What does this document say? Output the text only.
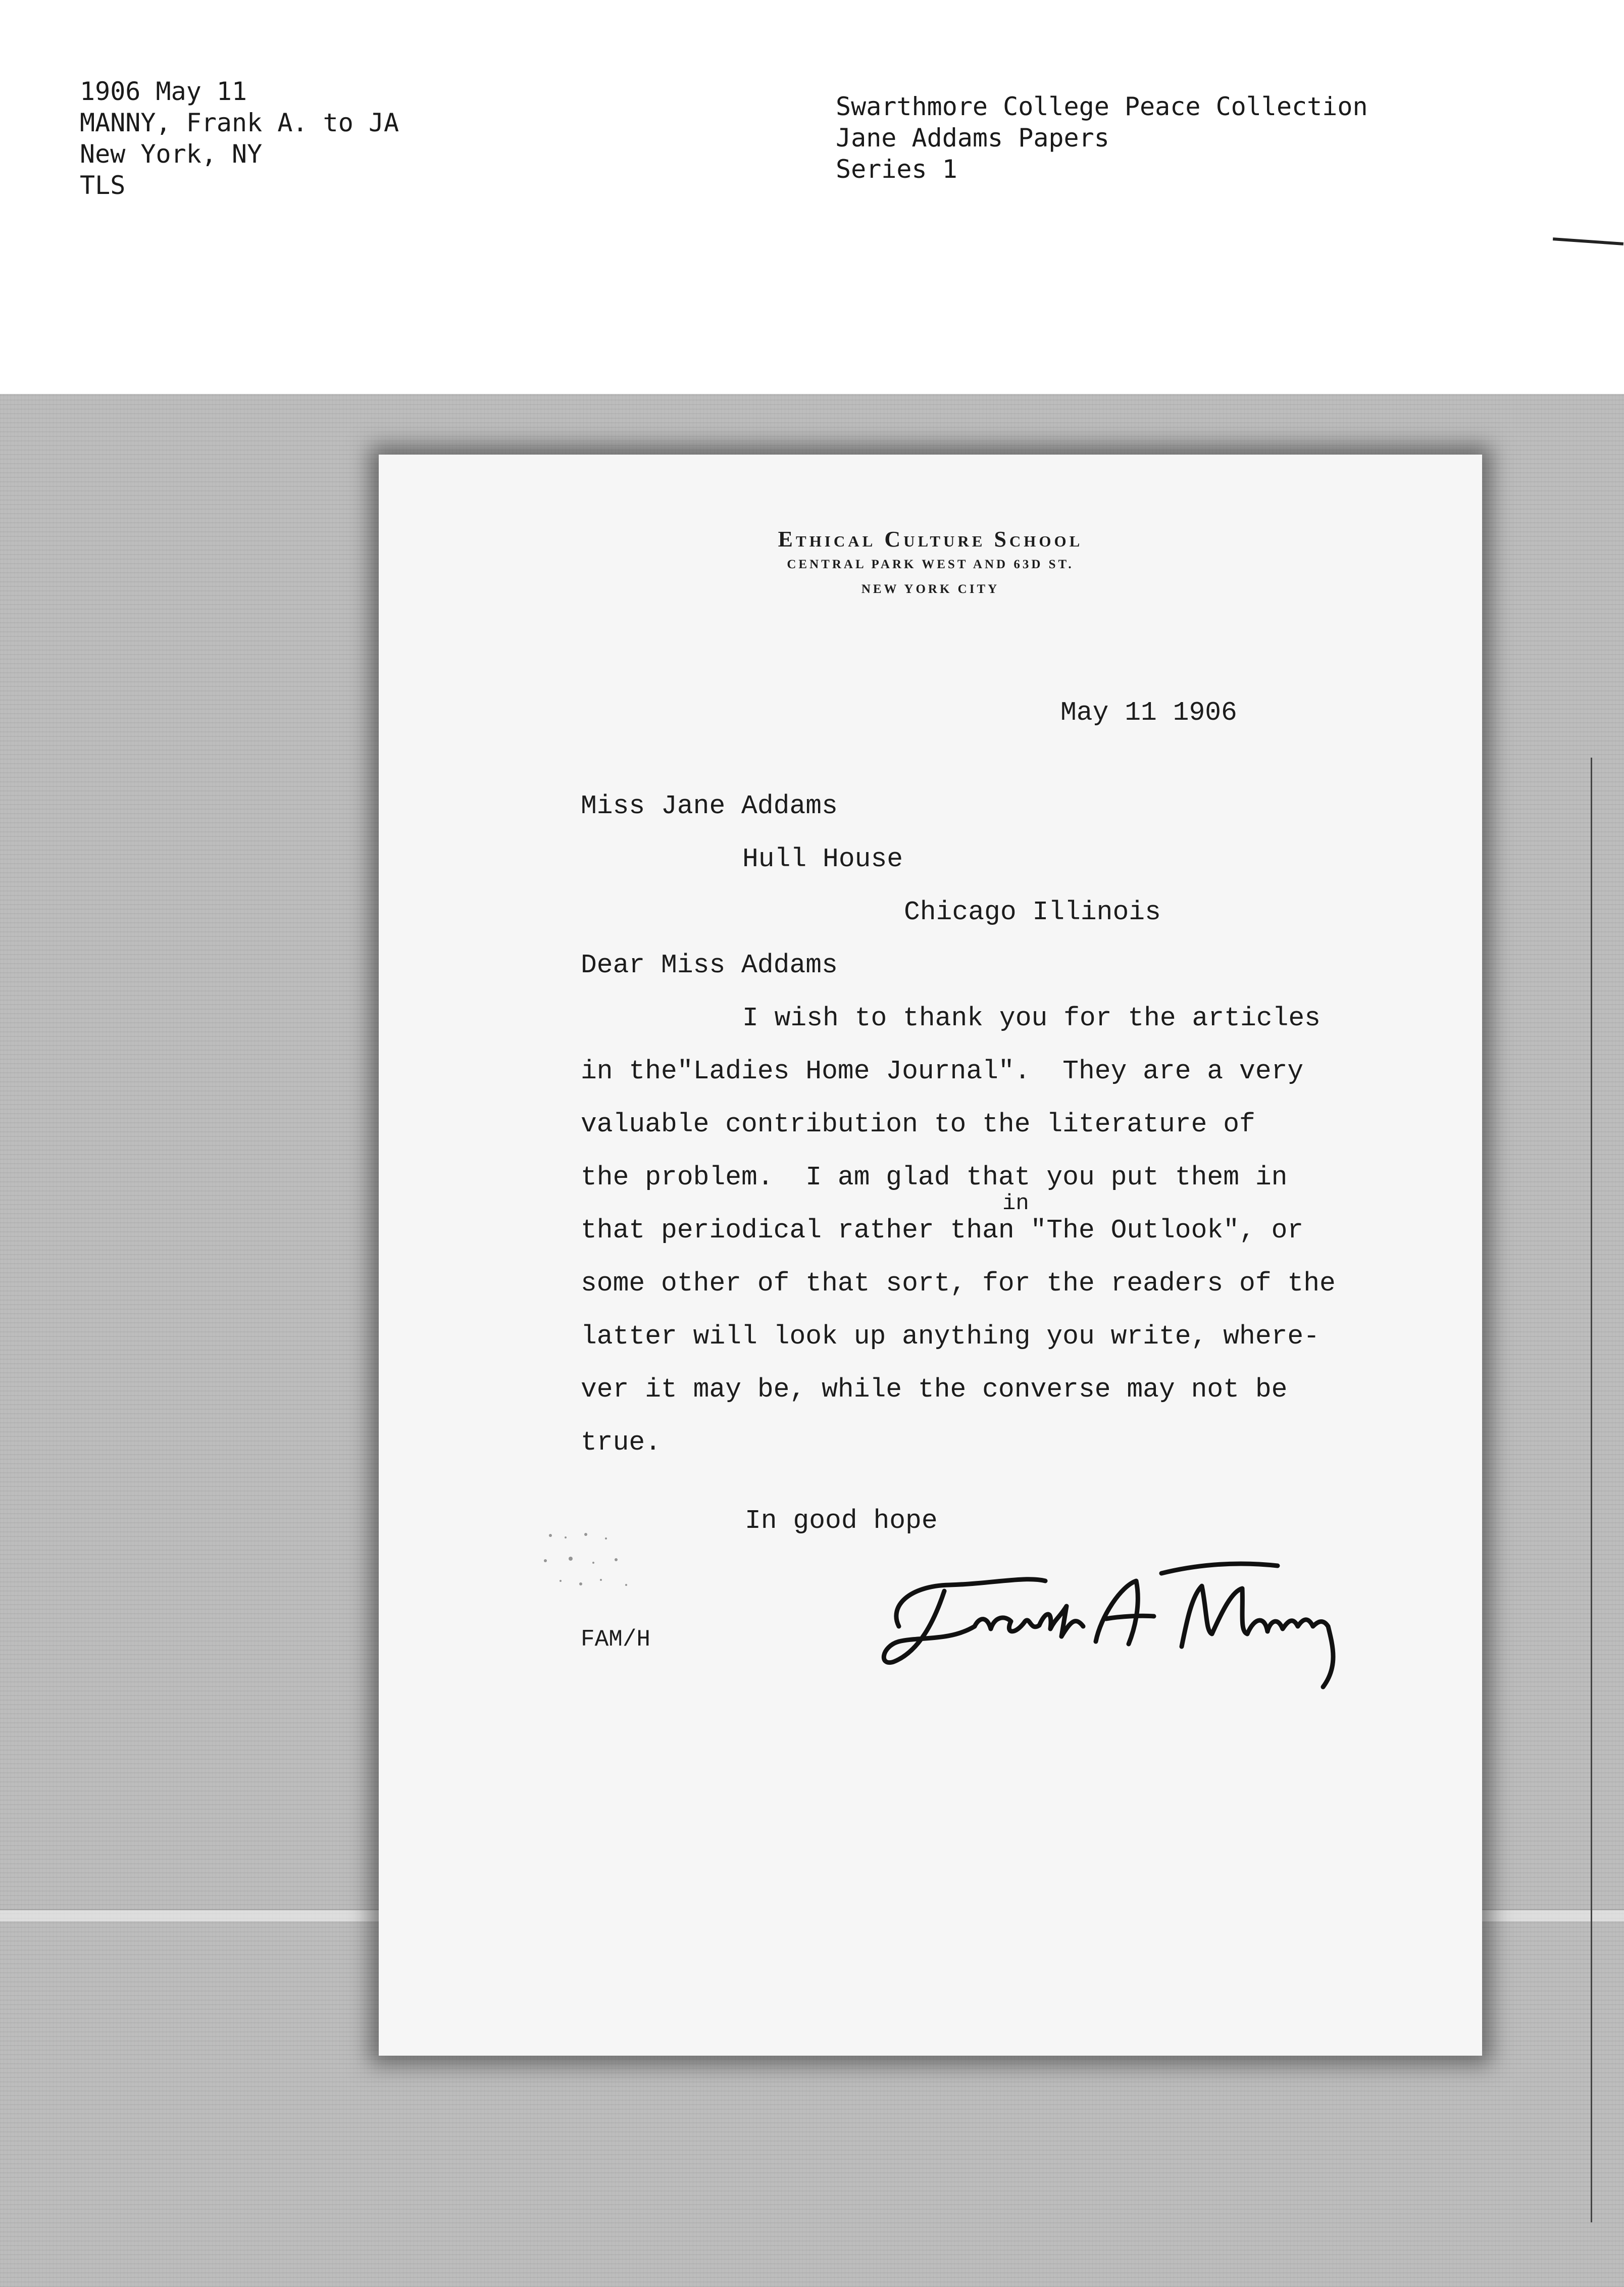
1906 May 11
MANNY, Frank A. to JA
New York, NY
TLS
Swarthmore College Peace Collection
Jane Addams Papers
Series 1
Ethical Culture School
CENTRAL PARK WEST AND 63D ST.
NEW YORK CITY
May 11 1906
Miss Jane Addams
Hull House
Chicago Illinois
Dear Miss Addams
I wish to thank you for the articles
in the"Ladies Home Journal".  They are a very
valuable contribution to the literature of
the problem.  I am glad that you put them in
in
that periodical rather than "The Outlook", or
some other of that sort, for the readers of the
latter will look up anything you write, where-
ver it may be, while the converse may not be
true.
In good hope
FAM/H
